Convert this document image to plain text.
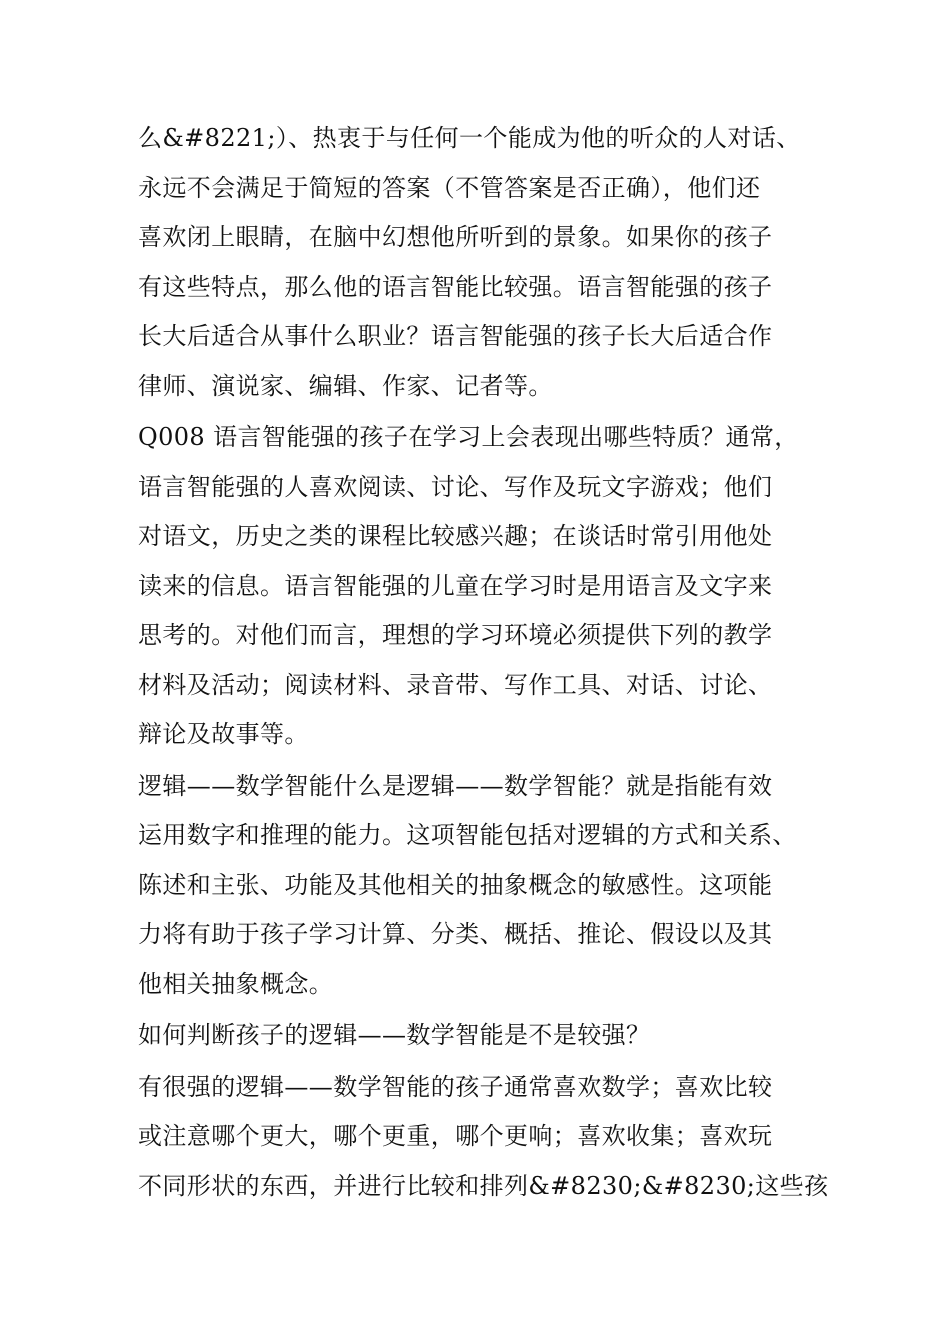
么&#8221;）、热衷于与任何一个能成为他的听众的人对话、
永远不会满足于简短的答案（不管答案是否正确），他们还
喜欢闭上眼睛，在脑中幻想他所听到的景象。如果你的孩子
有这些特点，那么他的语言智能比较强。语言智能强的孩子
长大后适合从事什么职业？语言智能强的孩子长大后适合作
律师、演说家、编辑、作家、记者等。
Q008 语言智能强的孩子在学习上会表现出哪些特质？通常，
语言智能强的人喜欢阅读、讨论、写作及玩文字游戏；他们
对语文，历史之类的课程比较感兴趣；在谈话时常引用他处
读来的信息。语言智能强的儿童在学习时是用语言及文字来
思考的。对他们而言，理想的学习环境必须提供下列的教学
材料及活动；阅读材料、录音带、写作工具、对话、讨论、
辩论及故事等。
逻辑——数学智能什么是逻辑——数学智能？就是指能有效
运用数字和推理的能力。这项智能包括对逻辑的方式和关系、
陈述和主张、功能及其他相关的抽象概念的敏感性。这项能
力将有助于孩子学习计算、分类、概括、推论、假设以及其
他相关抽象概念。
如何判断孩子的逻辑——数学智能是不是较强？
有很强的逻辑——数学智能的孩子通常喜欢数学；喜欢比较
或注意哪个更大，哪个更重，哪个更响；喜欢收集；喜欢玩
不同形状的东西，并进行比较和排列&#8230;&#8230;这些孩
